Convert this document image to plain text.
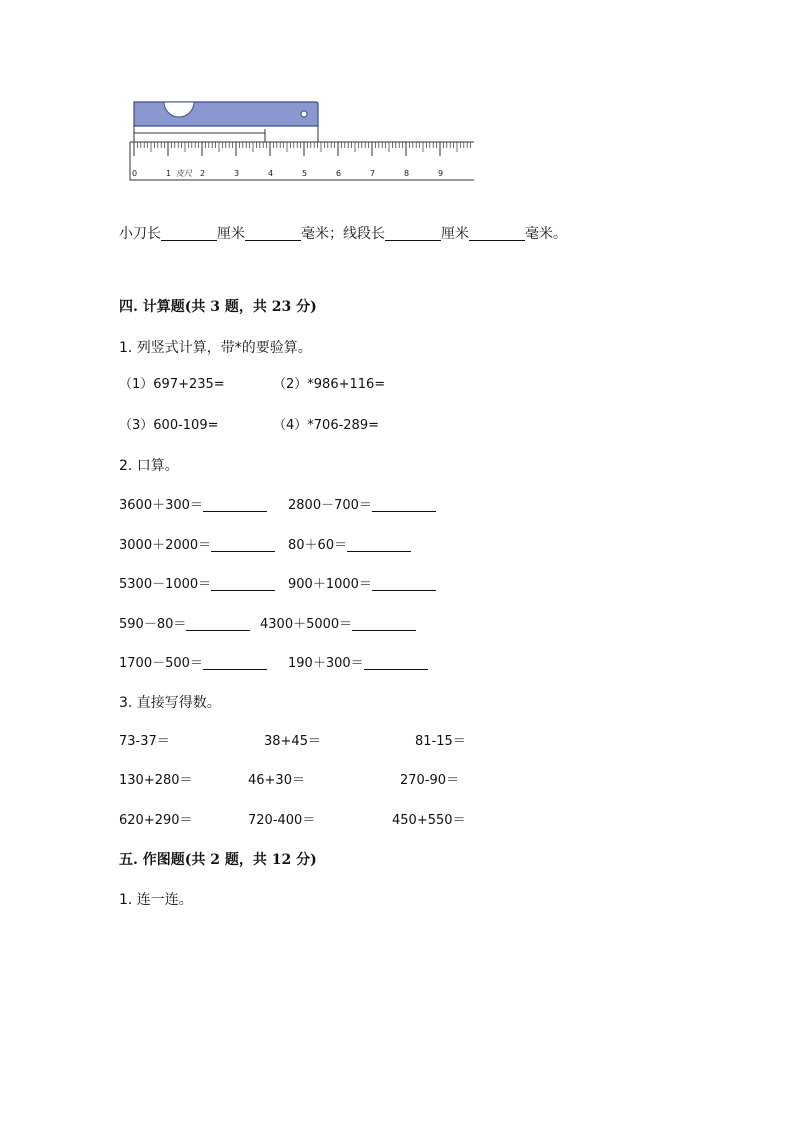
0	1	2	3	4	5	6	7	8	9
皮尺
小刀长	厘米	毫米；线段长	厘米	毫米。
四. 计算题(共 3 题，共 23 分)
1. 列竖式计算，带*的要验算。
（1）697+235=	（2）*986+116=
（3）600-109=	（4）*706-289=
2. 口算。
3600＋300＝	2800－700＝
3000＋2000＝	80＋60＝
5300－1000＝	900＋1000＝
590－80＝	4300＋5000＝
1700－500＝	190＋300＝
3. 直接写得数。
73-37＝	38+45＝	81-15＝
130+280＝	46+30＝	270-90＝
620+290＝	720-400＝	450+550＝
五. 作图题(共 2 题，共 12 分)
1. 连一连。
